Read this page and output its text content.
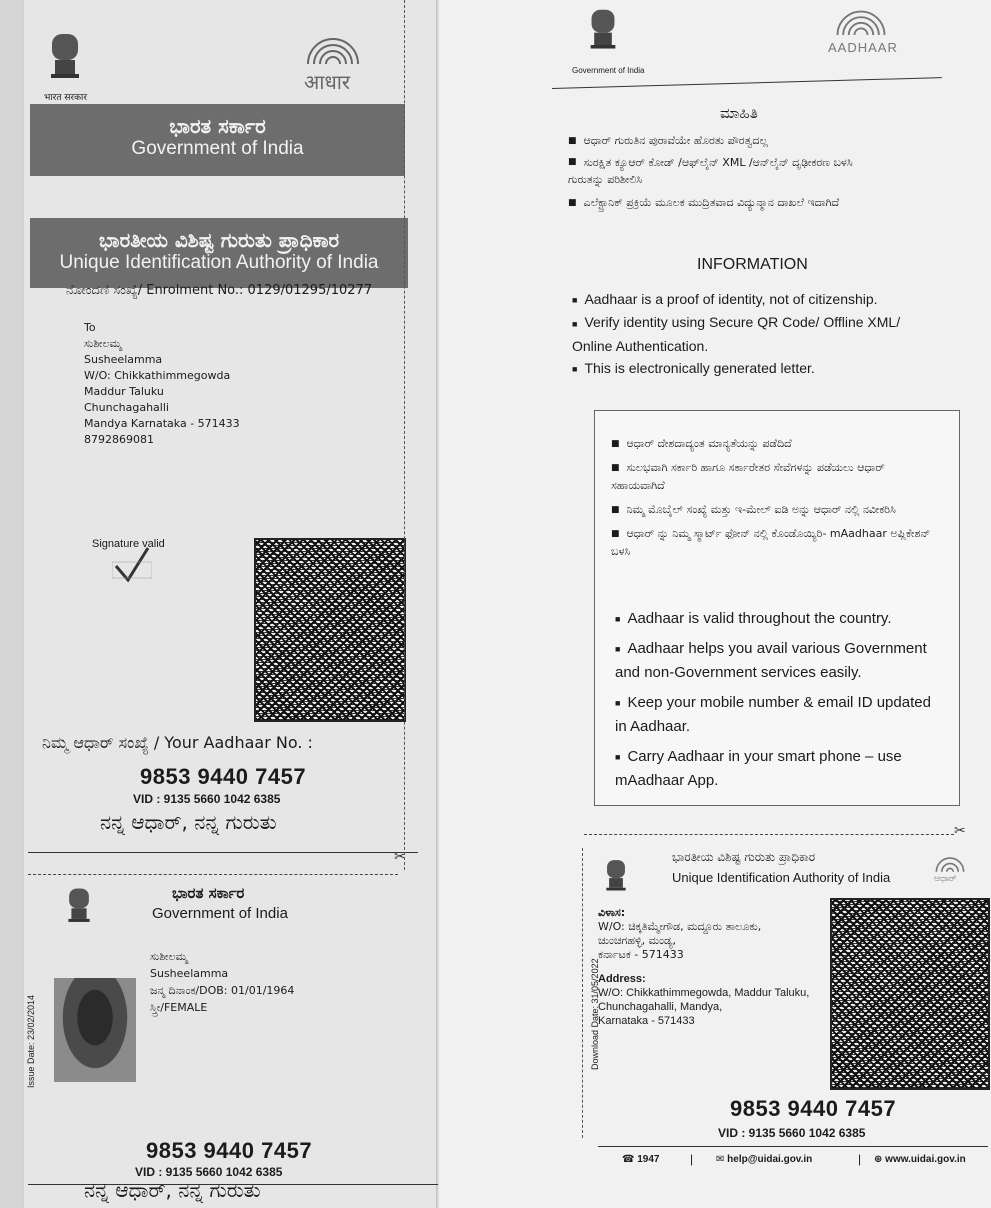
भारत सरकार
आधार
ಭಾರತ ಸರ್ಕಾರ
Government of India
ಭಾರತೀಯ ವಿಶಿಷ್ಟ ಗುರುತು ಪ್ರಾಧಿಕಾರ
Unique Identification Authority of India
ನೋಂದಣಿ ಸಂಖ್ಯೆ/ Enrolment No.: 0129/01295/10277
To
ಸುಶೀಲಮ್ಮ
Susheelamma
W/O: Chikkathimmegowda
Maddur Taluku
Chunchagahalli
Mandya Karnataka - 571433
8792869081
Signature valid
ನಿಮ್ಮ ಆಧಾರ್ ಸಂಖ್ಯೆ / Your Aadhaar No. :
9853 9440 7457
VID : 9135 5660 1042 6385
ನನ್ನ ಆಧಾರ್, ನನ್ನ ಗುರುತು
✂
ಭಾರತ ಸರ್ಕಾರ
Government of India
ಸುಶೀಲಮ್ಮ
Susheelamma
ಜನ್ಮ ದಿನಾಂಕ/DOB: 01/01/1964
ಸ್ತ್ರೀ/FEMALE
Issue Date: 23/02/2014
9853 9440 7457
VID : 9135 5660 1042 6385
ನನ್ನ ಆಧಾರ್, ನನ್ನ ಗುರುತು
Government of India
AADHAAR
ಮಾಹಿತಿ
■ ಆಧಾರ್ ಗುರುತಿನ ಪುರಾವೆಯೇ ಹೊರತು ಪೌರತ್ವದಲ್ಲ
■ ಸುರಕ್ಷಿತ ಕ್ಯೂಆರ್ ಕೋಡ್ /ಆಫ್‌ಲೈನ್ XML /ಆನ್‌ಲೈನ್ ದೃಢೀಕರಣ ಬಳಸಿ ಗುರುತನ್ನು ಪರಿಶೀಲಿಸಿ
■ ಎಲೆಕ್ಟ್ರಾನಿಕ್ ಪ್ರಕ್ರಿಯೆ ಮೂಲಕ ಮುದ್ರಿತವಾದ ವಿದ್ಯುನ್ಮಾನ ದಾಖಲೆ ಇದಾಗಿದೆ
INFORMATION
■ Aadhaar is a proof of identity, not of citizenship.
■ Verify identity using Secure QR Code/ Offline XML/ Online Authentication.
■ This is electronically generated letter.
■ ಆಧಾರ್ ದೇಶದಾದ್ಯಂತ ಮಾನ್ಯತೆಯನ್ನು ಪಡೆದಿದೆ
■ ಸುಲಭವಾಗಿ ಸರ್ಕಾರಿ ಹಾಗೂ ಸರ್ಕಾರೇತರ ಸೇವೆಗಳನ್ನು ಪಡೆಯಲು ಆಧಾರ್ ಸಹಾಯವಾಗಿದೆ
■ ನಿಮ್ಮ ಮೊಬೈಲ್ ಸಂಖ್ಯೆ ಮತ್ತು ಇ-ಮೇಲ್ ಐಡಿ ಅನ್ನು ಆಧಾರ್ ನಲ್ಲಿ ನವೀಕರಿಸಿ
■ ಆಧಾರ್ ನ್ನು ನಿಮ್ಮ ಸ್ಮಾರ್ಟ್ ಫೋನ್ ನಲ್ಲಿ ಕೊಂಡೊಯ್ಯಿರಿ- mAadhaar ಅಪ್ಲಿಕೇಶನ್ ಬಳಸಿ
■ Aadhaar is valid throughout the country.
■ Aadhaar helps you avail various Government and non-Government services easily.
■ Keep your mobile number & email ID updated in Aadhaar.
■ Carry Aadhaar in your smart phone – use mAadhaar App.
✂
ಭಾರತೀಯ ವಿಶಿಷ್ಟ ಗುರುತು ಪ್ರಾಧಿಕಾರ
Unique Identification Authority of India	ಆಧಾರ್
ವಿಳಾಸ:
W/O: ಚಿಕ್ಕತಿಮ್ಮೇಗೌಡ, ಮದ್ದೂರು ತಾಲೂಕು,
ಚುಂಚಗಹಳ್ಳಿ, ಮಂಡ್ಯ,
ಕರ್ನಾಟಕ - 571433
Address:
W/O: Chikkathimmegowda, Maddur Taluku,
Chunchagahalli, Mandya,
Karnataka - 571433
Download Date: 31/05/2022
9853 9440 7457
VID : 9135 5660 1042 6385
☎ 1947	| ✉ help@uidai.gov.in	| ⊕ www.uidai.gov.in
